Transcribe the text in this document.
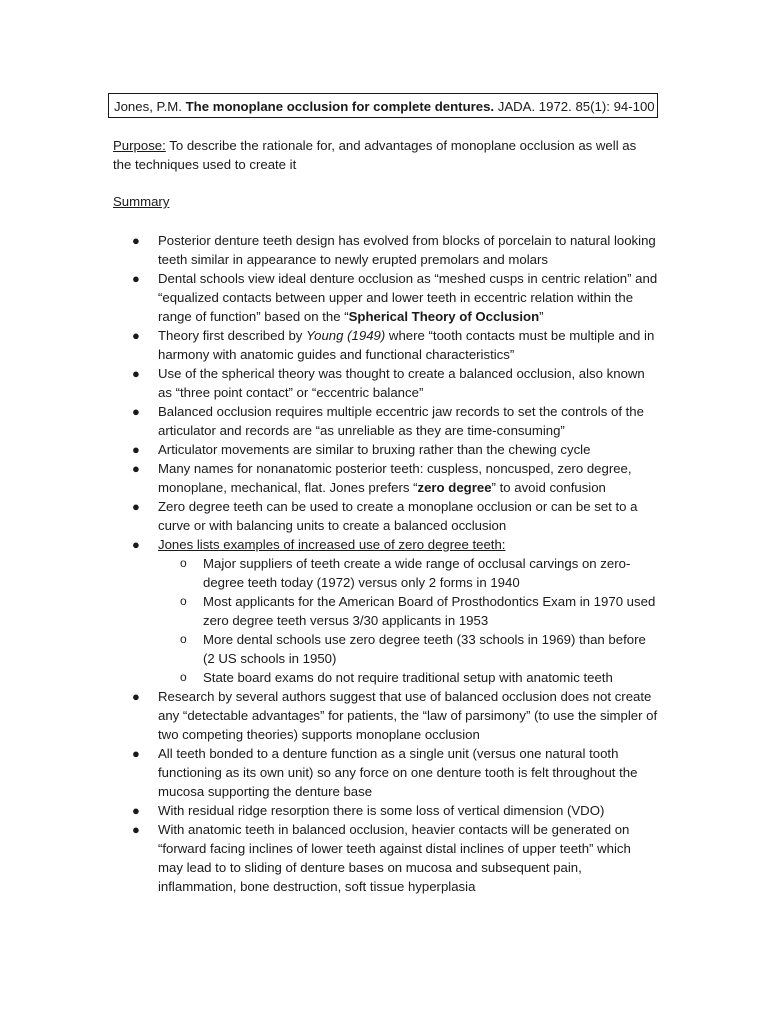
Jones, P.M. The monoplane occlusion for complete dentures. JADA. 1972. 85(1): 94-100
Purpose: To describe the rationale for, and advantages of monoplane occlusion as well as the techniques used to create it
Summary
● Posterior denture teeth design has evolved from blocks of porcelain to natural looking teeth similar in appearance to newly erupted premolars and molars
● Dental schools view ideal denture occlusion as “meshed cusps in centric relation” and “equalized contacts between upper and lower teeth in eccentric relation within the range of function” based on the “Spherical Theory of Occlusion”
● Theory first described by Young (1949) where “tooth contacts must be multiple and in harmony with anatomic guides and functional characteristics”
● Use of the spherical theory was thought to create a balanced occlusion, also known as “three point contact” or “eccentric balance”
● Balanced occlusion requires multiple eccentric jaw records to set the controls of the articulator and records are “as unreliable as they are time-consuming”
● Articulator movements are similar to bruxing rather than the chewing cycle
● Many names for nonanatomic posterior teeth: cuspless, noncusped, zero degree, monoplane, mechanical, flat. Jones prefers “zero degree” to avoid confusion
● Zero degree teeth can be used to create a monoplane occlusion or can be set to a curve or with balancing units to create a balanced occlusion
● Jones lists examples of increased use of zero degree teeth:
o Major suppliers of teeth create a wide range of occlusal carvings on zero-degree teeth today (1972) versus only 2 forms in 1940
o Most applicants for the American Board of Prosthodontics Exam in 1970 used zero degree teeth versus 3/30 applicants in 1953
o More dental schools use zero degree teeth (33 schools in 1969) than before (2 US schools in 1950)
o State board exams do not require traditional setup with anatomic teeth
● Research by several authors suggest that use of balanced occlusion does not create any “detectable advantages” for patients, the “law of parsimony” (to use the simpler of two competing theories) supports monoplane occlusion
● All teeth bonded to a denture function as a single unit (versus one natural tooth functioning as its own unit) so any force on one denture tooth is felt throughout the mucosa supporting the denture base
● With residual ridge resorption there is some loss of vertical dimension (VDO)
● With anatomic teeth in balanced occlusion, heavier contacts will be generated on “forward facing inclines of lower teeth against distal inclines of upper teeth” which may lead to to sliding of denture bases on mucosa and subsequent pain, inflammation, bone destruction, soft tissue hyperplasia
